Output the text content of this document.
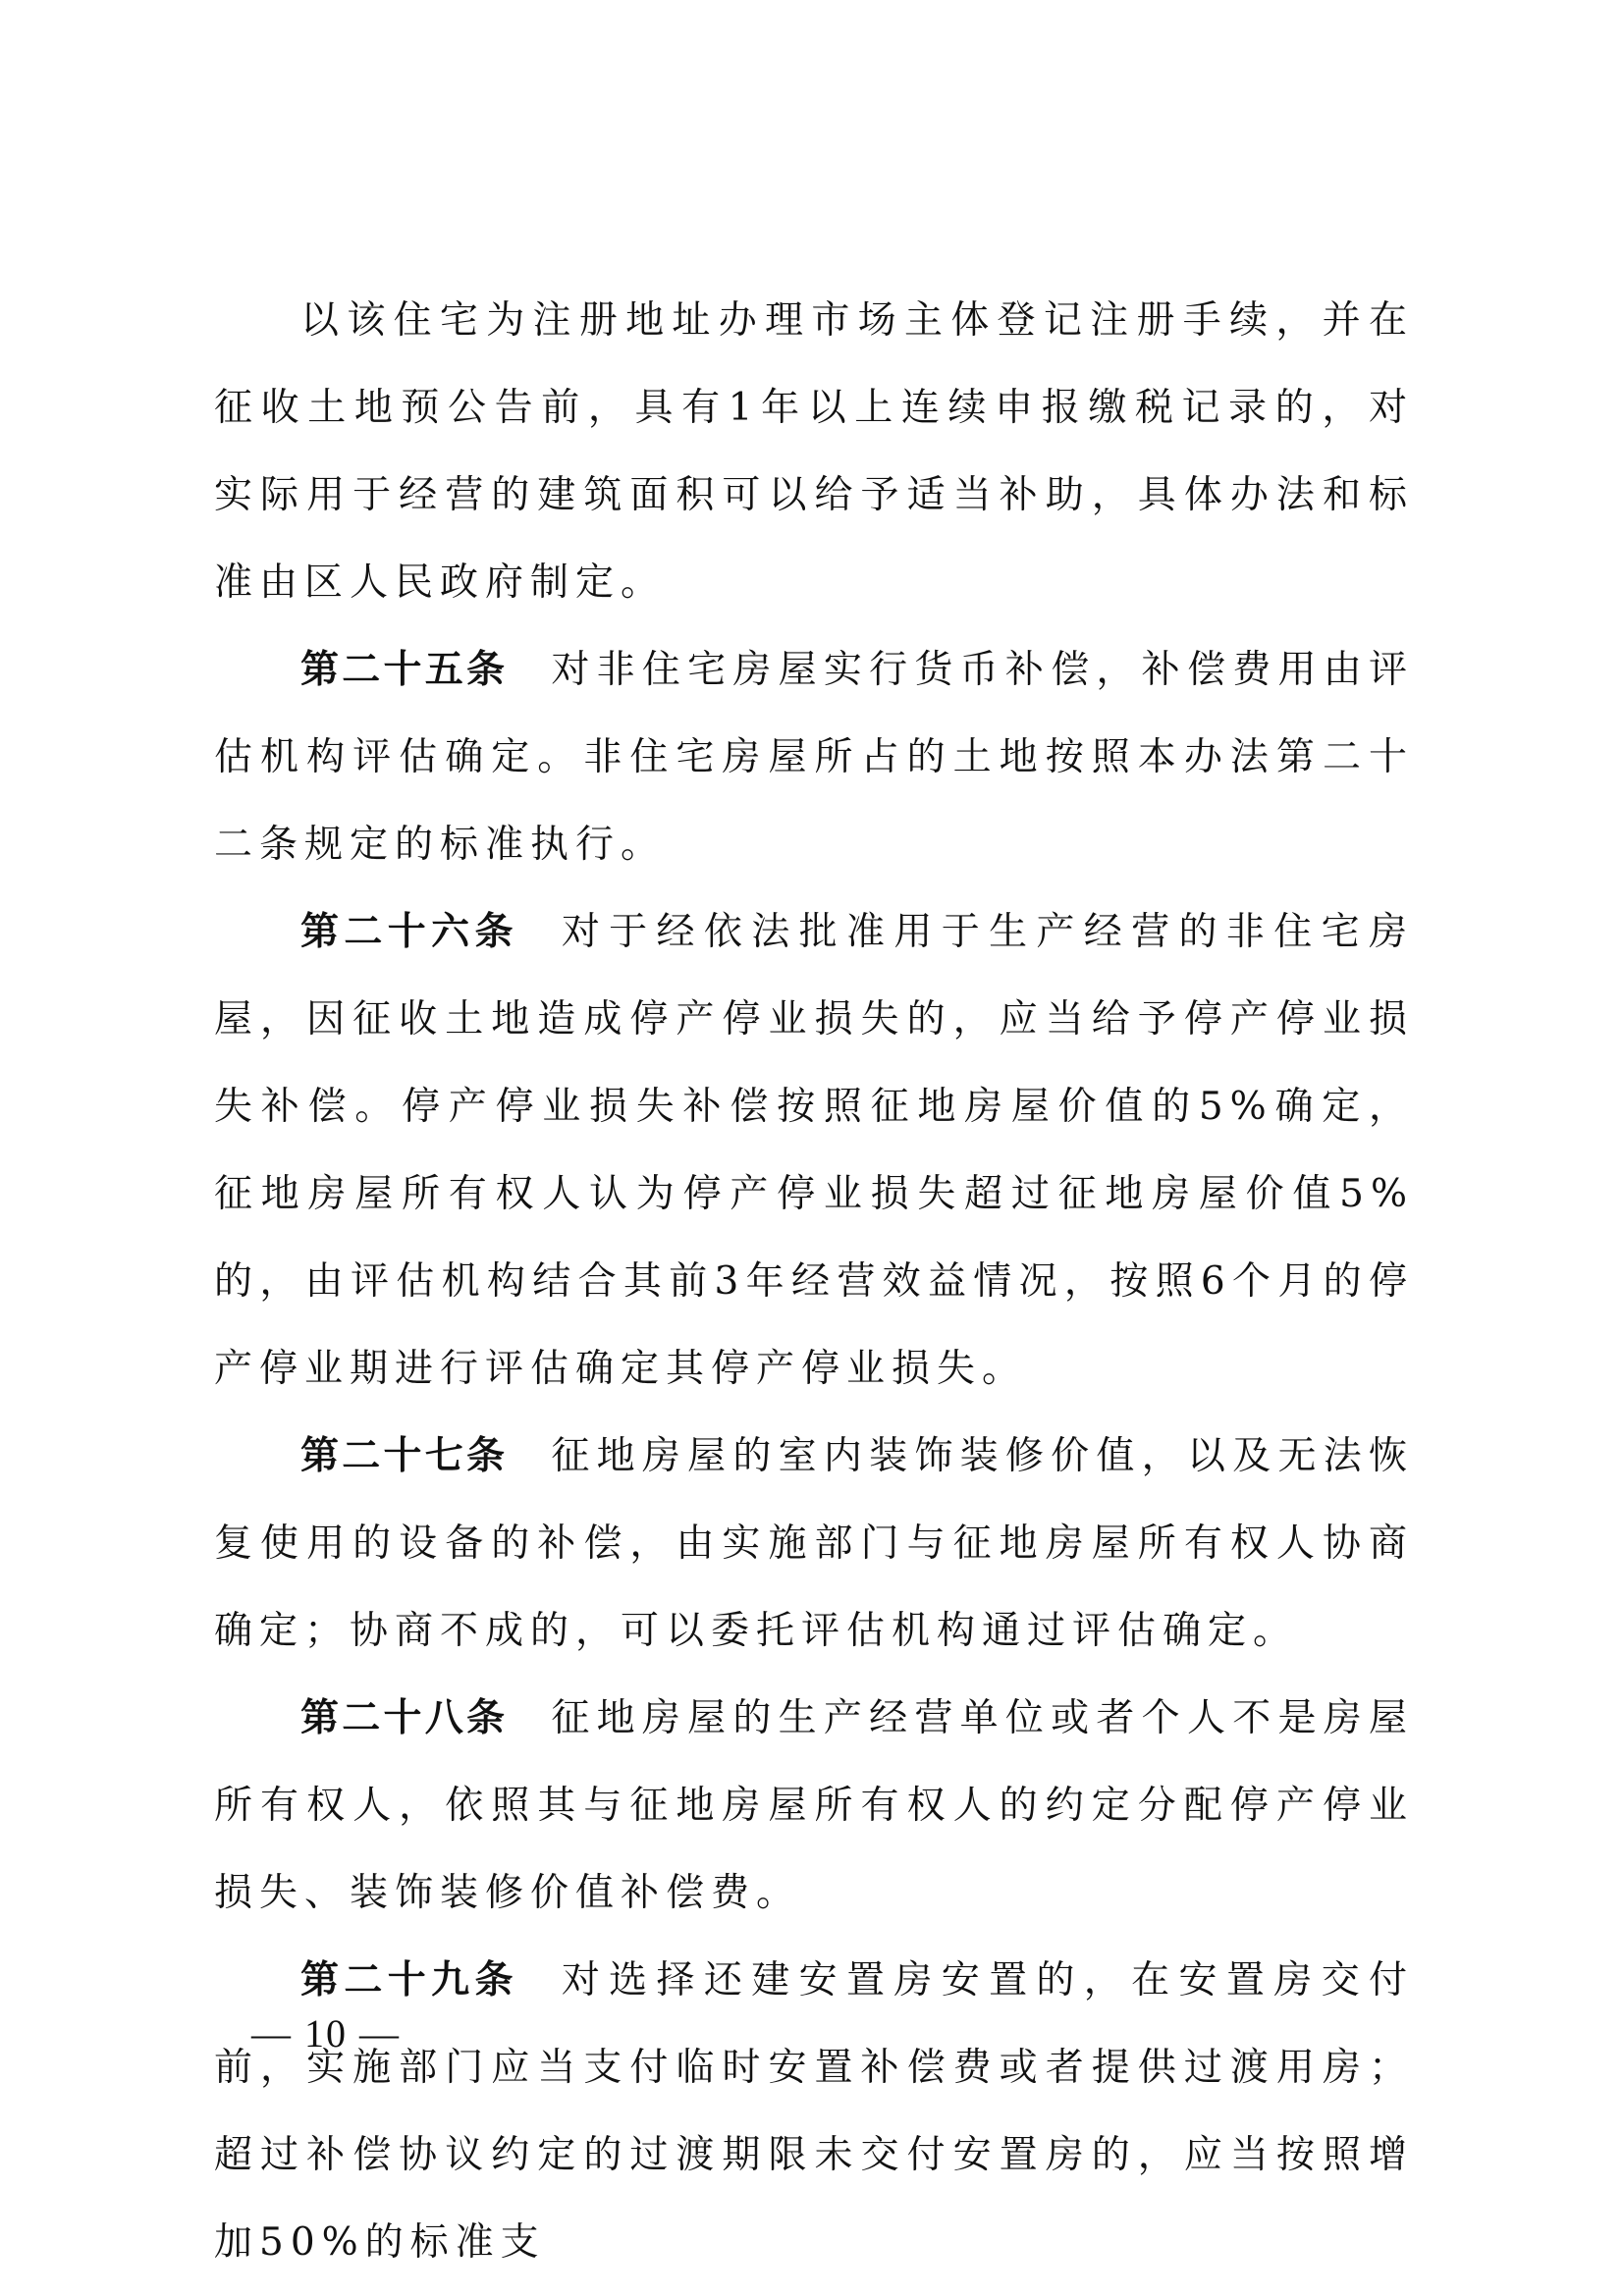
以该住宅为注册地址办理市场主体登记注册手续，并在征收土地预公告前，具有1年以上连续申报缴税记录的，对实际用于经营的建筑面积可以给予适当补助，具体办法和标准由区人民政府制定。

第二十五条 对非住宅房屋实行货币补偿，补偿费用由评估机构评估确定。非住宅房屋所占的土地按照本办法第二十二条规定的标准执行。

第二十六条 对于经依法批准用于生产经营的非住宅房屋，因征收土地造成停产停业损失的，应当给予停产停业损失补偿。停产停业损失补偿按照征地房屋价值的5%确定，征地房屋所有权人认为停产停业损失超过征地房屋价值5%的，由评估机构结合其前3年经营效益情况，按照6个月的停产停业期进行评估确定其停产停业损失。

第二十七条 征地房屋的室内装饰装修价值，以及无法恢复使用的设备的补偿，由实施部门与征地房屋所有权人协商确定；协商不成的，可以委托评估机构通过评估确定。

第二十八条 征地房屋的生产经营单位或者个人不是房屋所有权人，依照其与征地房屋所有权人的约定分配停产停业损失、装饰装修价值补偿费。

第二十九条 对选择还建安置房安置的，在安置房交付前，实施部门应当支付临时安置补偿费或者提供过渡用房；超过补偿协议约定的过渡期限未交付安置房的，应当按照增加50%的标准支

— 10 —
